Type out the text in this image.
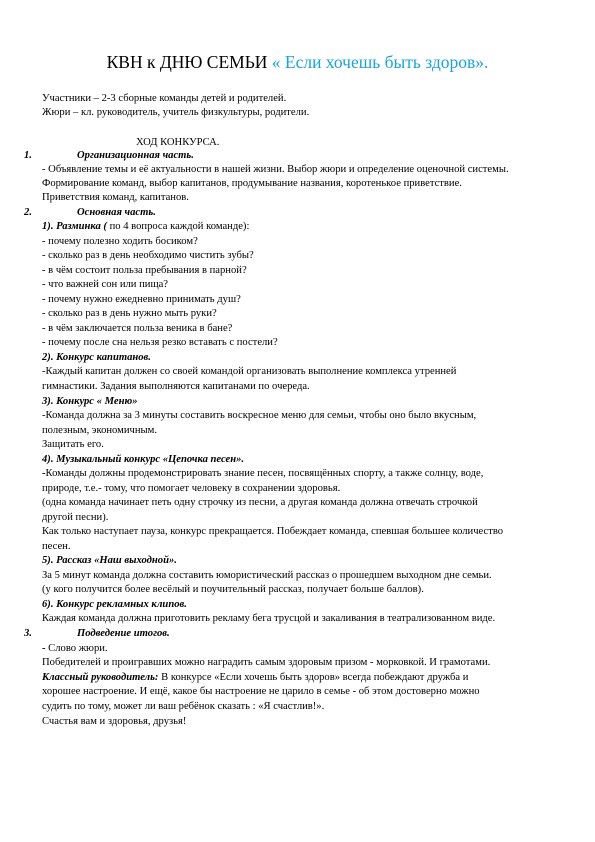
КВН к ДНЮ СЕМЬИ « Если хочешь быть здоров».
Участники – 2-3 сборные команды детей и родителей.
Жюри – кл. руководитель, учитель физкультуры, родители.
ХОД КОНКУРСА.
1.	Организационная часть.
- Объявление темы и её актуальности в нашей жизни. Выбор жюри и определение оценочной системы.
Формирование команд, выбор капитанов, продумывание названия, коротенькое приветствие.
Приветствия команд, капитанов.
2.	Основная часть.
1). Разминка ( по 4 вопроса каждой команде):
- почему полезно ходить босиком?
- сколько раз в день необходимо чистить зубы?
- в чём состоит польза пребывания в парной?
- что важней сон или пища?
- почему нужно ежедневно принимать душ?
- сколько раз в день нужно мыть руки?
- в чём заключается польза веника в бане?
- почему после сна нельзя резко вставать с постели?
2). Конкурс капитанов.
-Каждый капитан должен со своей командой организовать выполнение комплекса утренней
гимнастики. Задания выполняются капитанами по очереда.
3). Конкурс « Меню»
-Команда должна за 3 минуты составить воскресное меню для семьи, чтобы оно было вкусным,
полезным, экономичным.
Защитать его.
4). Музыкальный конкурс «Цепочка песен».
-Команды должны продемонстрировать знание песен, посвящённых спорту, а также солнцу, воде,
природе, т.е.- тому, что помогает человеку в сохранении здоровья.
(одна команда начинает петь одну строчку из песни, а другая команда должна отвечать строчкой
другой песни).
Как только наступает пауза, конкурс прекращается. Побеждает команда, спевшая большее количество
песен.
5). Рассказ «Наш выходной».
За 5 минут команда должна составить юмористический рассказ о прошедшем выходном дне семьи.
(у кого получится более весёлый и поучительный рассказ, получает больше баллов).
6). Конкурс рекламных клипов.
Каждая команда должна приготовить рекламу бега трусцой и закаливания в театрализованном виде.
3.	Подведение итогов.
- Слово жюри.
Победителей и проигравших можно наградить самым здоровым призом - морковкой. И грамотами.
Классный руководитель: В конкурсе «Если хочешь быть здоров» всегда побеждают дружба и
хорошее настроение. И ещё, какое бы настроение не царило в семье - об этом достоверно можно
судить по тому, может ли ваш ребёнок сказать : «Я счастлив!».
Счастья вам и здоровья, друзья!
